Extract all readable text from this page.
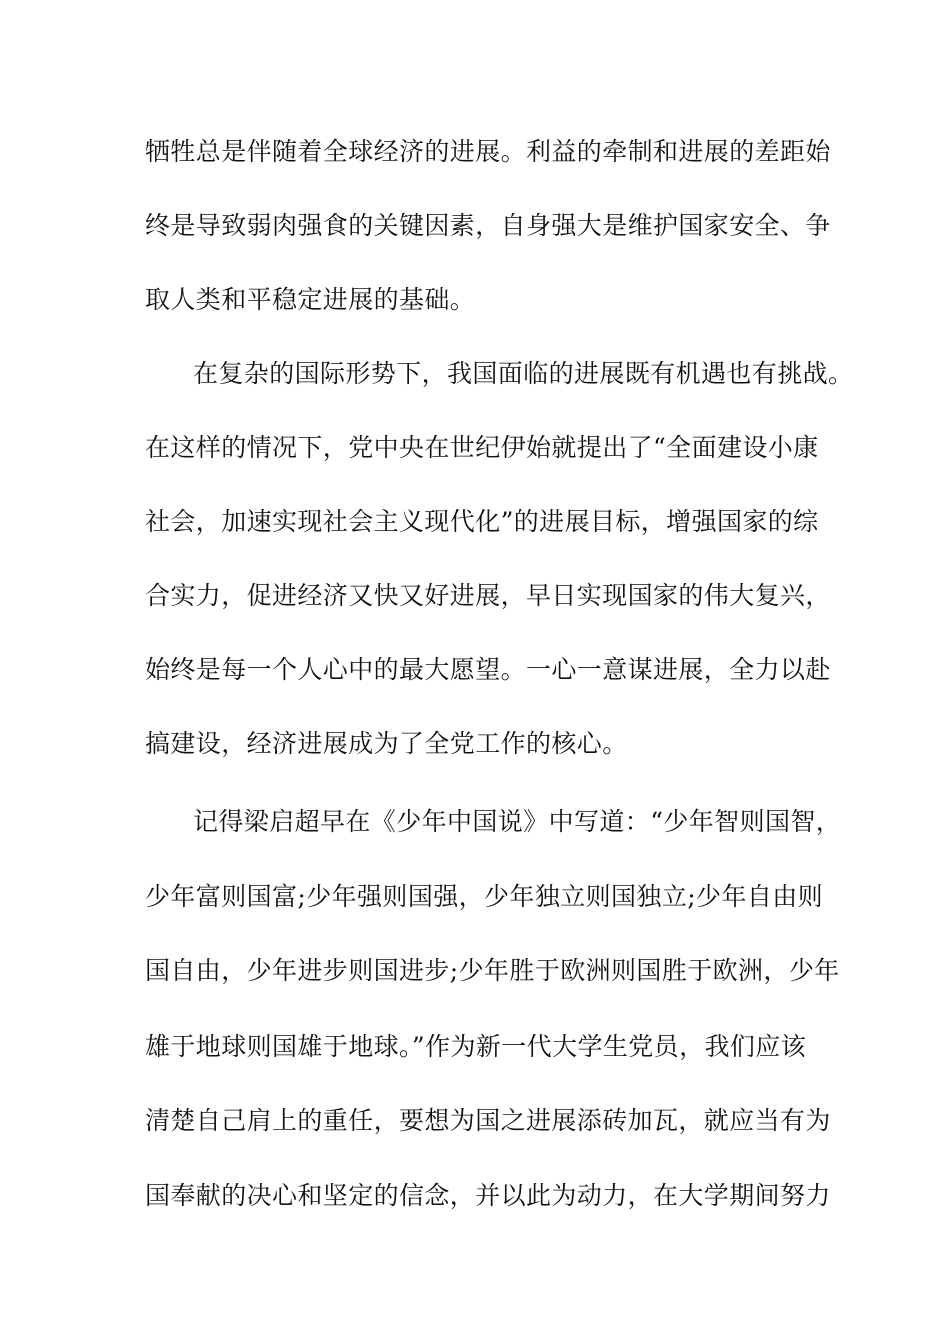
牺牲总是伴随着全球经济的进展。利益的牵制和进展的差距始
终是导致弱肉强食的关键因素，自身强大是维护国家安全、争
取人类和平稳定进展的基础。
在复杂的国际形势下，我国面临的进展既有机遇也有挑战。
在这样的情况下，党中央在世纪伊始就提出了“全面建设小康
社会，加速实现社会主义现代化”的进展目标，增强国家的综
合实力，促进经济又快又好进展，早日实现国家的伟大复兴，
始终是每一个人心中的最大愿望。一心一意谋进展，全力以赴
搞建设，经济进展成为了全党工作的核心。
记得梁启超早在《少年中国说》中写道：“少年智则国智，
少年富则国富;少年强则国强，少年独立则国独立;少年自由则
国自由，少年进步则国进步;少年胜于欧洲则国胜于欧洲，少年
雄于地球则国雄于地球。”作为新一代大学生党员，我们应该
清楚自己肩上的重任，要想为国之进展添砖加瓦，就应当有为
国奉献的决心和坚定的信念，并以此为动力，在大学期间努力
